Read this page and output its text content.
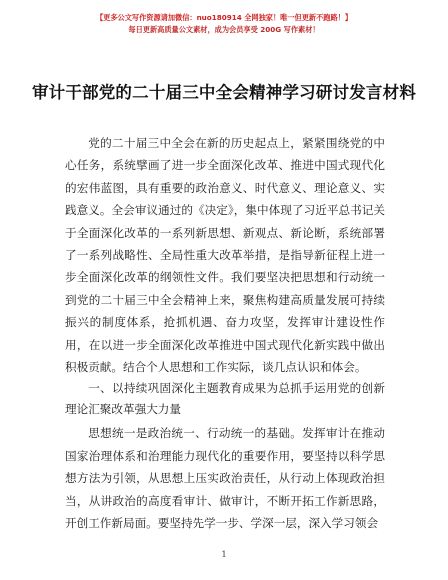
【更多公文写作资源请加微信：nuo180914 全网独家！唯一但更新不跑路！】
每日更新高质量公文素材，成为会员享受 200G 写作素材！
审计干部党的二十届三中全会精神学习研讨发言材料

党的二十届三中全会在新的历史起点上，紧紧围绕党的中心任务，系统擘画了进一步全面深化改革、推进中国式现代化的宏伟蓝图，具有重要的政治意义、时代意义、理论意义、实践意义。全会审议通过的《决定》，集中体现了习近平总书记关于全面深化改革的一系列新思想、新观点、新论断，系统部署了一系列战略性、全局性重大改革举措，是指导新征程上进一步全面深化改革的纲领性文件。我们要坚决把思想和行动统一到党的二十届三中全会精神上来，聚焦构建高质量发展可持续振兴的制度体系，抢抓机遇、奋力攻坚，发挥审计建设性作用，在以进一步全面深化改革推进中国式现代化新实践中做出积极贡献。结合个人思想和工作实际，谈几点认识和体会。

一、以持续巩固深化主题教育成果为总抓手运用党的创新理论汇聚改革强大力量

思想统一是政治统一、行动统一的基础。发挥审计在推动国家治理体系和治理能力现代化的重要作用，要坚持以科学思想方法为引领，从思想上压实政治责任，从行动上体现政治担当，从讲政治的高度看审计、做审计，不断开拓工作新思路，开创工作新局面。要坚持先学一步、学深一层，深入学习领会

1
